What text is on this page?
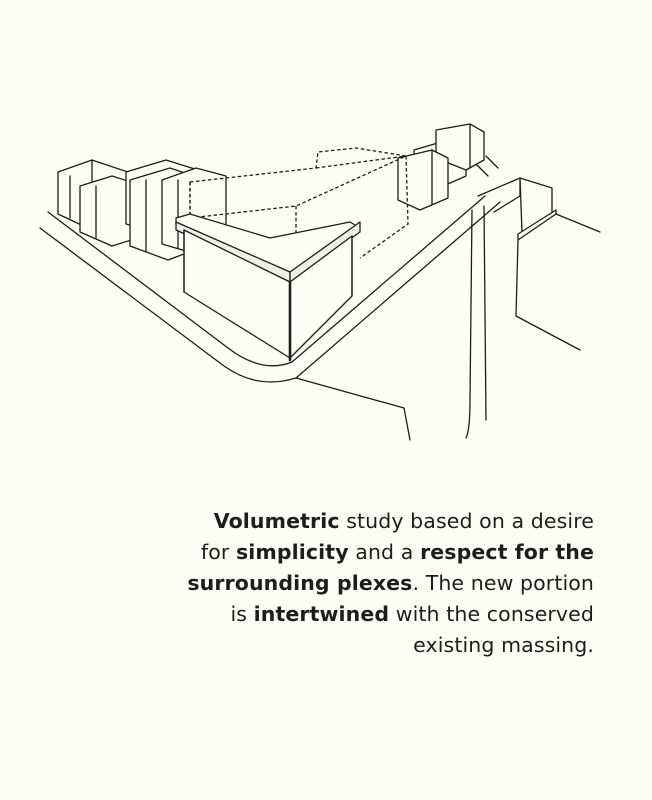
Volumetric study based on a desire
for simplicity and a respect for the
surrounding plexes. The new portion
is intertwined with the conserved
existing massing.
